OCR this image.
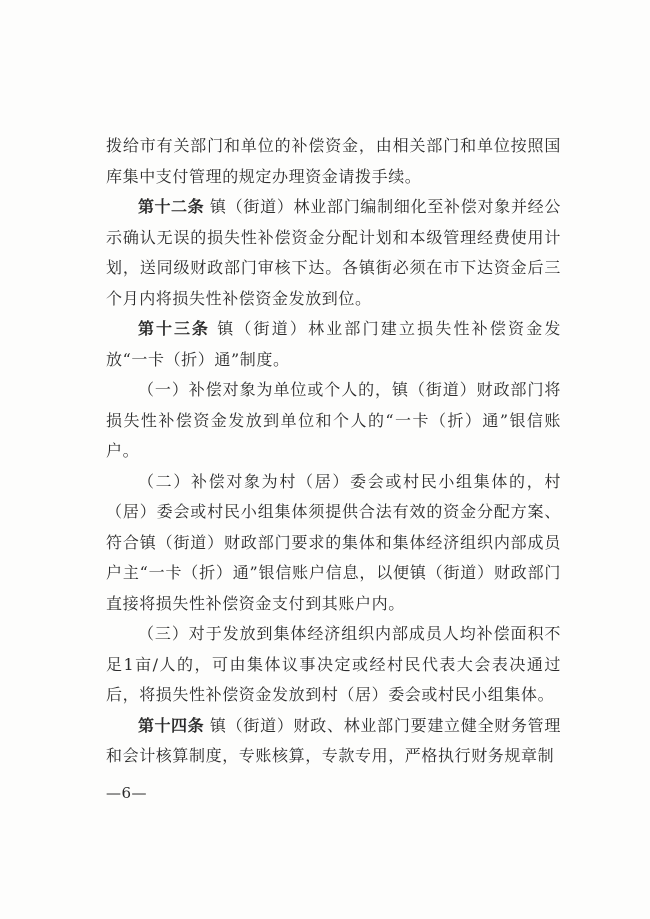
拨给市有关部门和单位的补偿资金，由相关部门和单位按照国库集中支付管理的规定办理资金请拨手续。

第十二条 镇（街道）林业部门编制细化至补偿对象并经公示确认无误的损失性补偿资金分配计划和本级管理经费使用计划，送同级财政部门审核下达。各镇街必须在市下达资金后三个月内将损失性补偿资金发放到位。

第十三条 镇（街道）林业部门建立损失性补偿资金发放“一卡（折）通”制度。

（一）补偿对象为单位或个人的，镇（街道）财政部门将损失性补偿资金发放到单位和个人的“一卡（折）通”银信账户。

（二）补偿对象为村（居）委会或村民小组集体的，村（居）委会或村民小组集体须提供合法有效的资金分配方案、符合镇（街道）财政部门要求的集体和集体经济组织内部成员户主“一卡（折）通”银信账户信息，以便镇（街道）财政部门直接将损失性补偿资金支付到其账户内。

（三）对于发放到集体经济组织内部成员人均补偿面积不足1亩/人的，可由集体议事决定或经村民代表大会表决通过后，将损失性补偿资金发放到村（居）委会或村民小组集体。

第十四条 镇（街道）财政、林业部门要建立健全财务管理和会计核算制度，专账核算，专款专用，严格执行财务规章制

—6—
